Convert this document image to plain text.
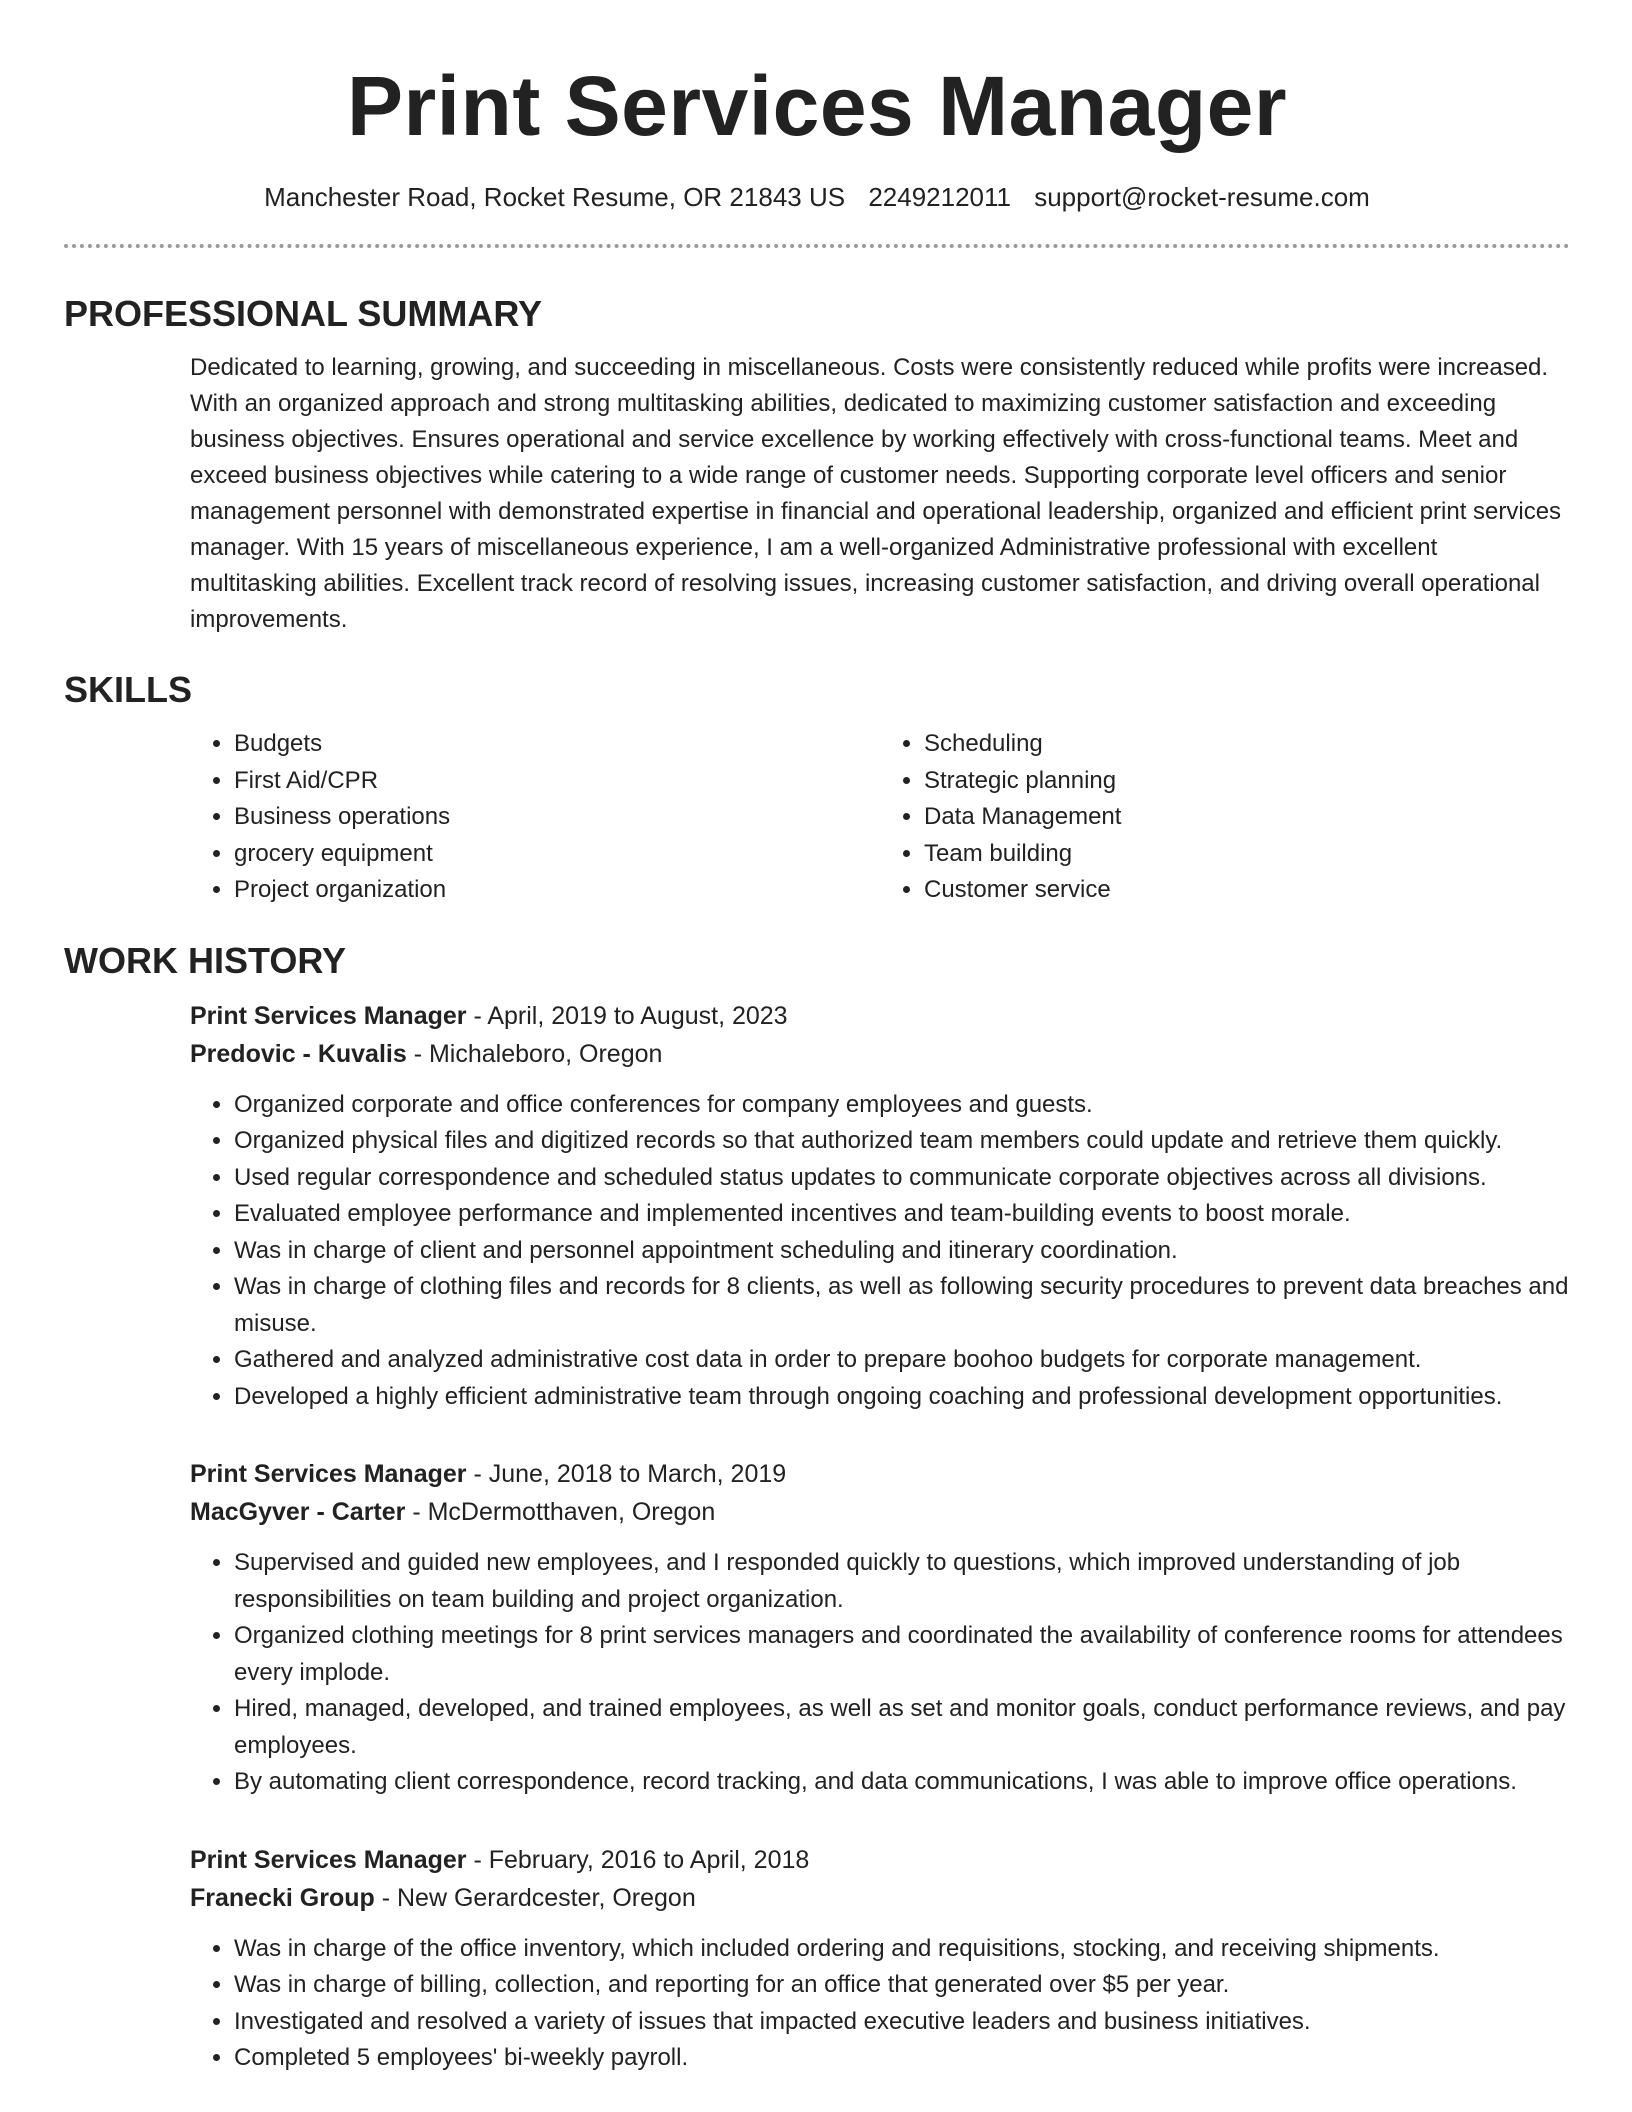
Print Services Manager
Manchester Road, Rocket Resume, OR 21843 US 2249212011 support@rocket-resume.com
PROFESSIONAL SUMMARY
Dedicated to learning, growing, and succeeding in miscellaneous. Costs were consistently reduced while profits were increased. With an organized approach and strong multitasking abilities, dedicated to maximizing customer satisfaction and exceeding business objectives. Ensures operational and service excellence by working effectively with cross-functional teams. Meet and exceed business objectives while catering to a wide range of customer needs. Supporting corporate level officers and senior management personnel with demonstrated expertise in financial and operational leadership, organized and efficient print services manager. With 15 years of miscellaneous experience, I am a well-organized Administrative professional with excellent multitasking abilities. Excellent track record of resolving issues, increasing customer satisfaction, and driving overall operational improvements.
SKILLS
• Budgets
• First Aid/CPR
• Business operations
• grocery equipment
• Project organization
• Scheduling
• Strategic planning
• Data Management
• Team building
• Customer service
WORK HISTORY
Print Services Manager - April, 2019 to August, 2023
Predovic - Kuvalis - Michaleboro, Oregon
• Organized corporate and office conferences for company employees and guests.
• Organized physical files and digitized records so that authorized team members could update and retrieve them quickly.
• Used regular correspondence and scheduled status updates to communicate corporate objectives across all divisions.
• Evaluated employee performance and implemented incentives and team-building events to boost morale.
• Was in charge of client and personnel appointment scheduling and itinerary coordination.
• Was in charge of clothing files and records for 8 clients, as well as following security procedures to prevent data breaches and misuse.
• Gathered and analyzed administrative cost data in order to prepare boohoo budgets for corporate management.
• Developed a highly efficient administrative team through ongoing coaching and professional development opportunities.
Print Services Manager - June, 2018 to March, 2019
MacGyver - Carter - McDermotthaven, Oregon
• Supervised and guided new employees, and I responded quickly to questions, which improved understanding of job responsibilities on team building and project organization.
• Organized clothing meetings for 8 print services managers and coordinated the availability of conference rooms for attendees every implode.
• Hired, managed, developed, and trained employees, as well as set and monitor goals, conduct performance reviews, and pay employees.
• By automating client correspondence, record tracking, and data communications, I was able to improve office operations.
Print Services Manager - February, 2016 to April, 2018
Franecki Group - New Gerardcester, Oregon
• Was in charge of the office inventory, which included ordering and requisitions, stocking, and receiving shipments.
• Was in charge of billing, collection, and reporting for an office that generated over $5 per year.
• Investigated and resolved a variety of issues that impacted executive leaders and business initiatives.
• Completed 5 employees' bi-weekly payroll.
